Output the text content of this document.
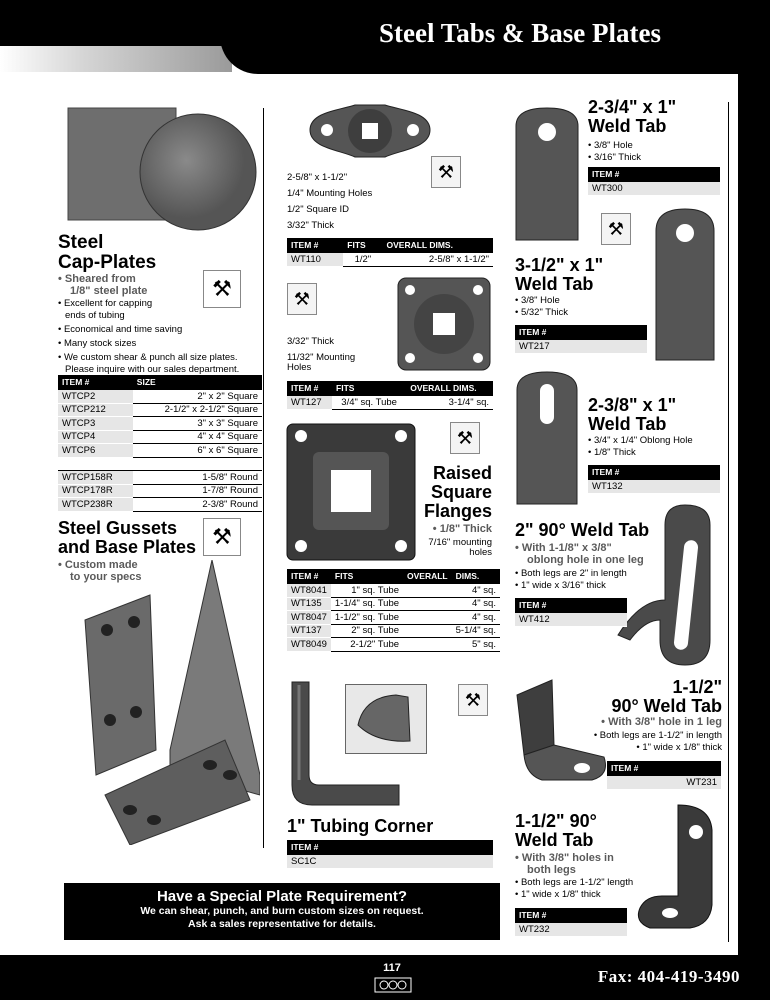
Steel Tabs & Base Plates
Steel
Cap-Plates
⚒
• Sheared from
1/8" steel plate
• Excellent for capping
ends of tubing
• Economical and time saving
• Many stock sizes
• We custom shear & punch all size plates.
Please inquire with our sales department.
ITEM #	SIZE
WTCP2	2" x 2" Square
WTCP212	2-1/2" x 2-1/2" Square
WTCP3	3" x 3" Square
WTCP4	4" x 4" Square
WTCP6	6" x 6" Square

WTCP158R	1-5/8" Round
WTCP178R	1-7/8" Round
WTCP238R	2-3/8" Round
Steel Gussets
and Base Plates ⚒
• Custom made
to your specs
⚒
2-5/8" x 1-1/2"
1/4" Mounting Holes
1/2" Square ID
3/32" Thick
ITEM #	FITS	OVERALL DIMS.
WT110	1/2"	2-5/8" x 1-1/2"
⚒
3/32" Thick
11/32" Mounting
Holes
ITEM #	FITS	OVERALL DIMS.
WT127	3/4" sq. Tube	3-1/4" sq.
⚒
Raised
Square
Flanges
• 1/8" Thick
7/16" mounting
holes
ITEM #	FITS	OVERALL	DIMS.
WT8041	1" sq. Tube		4" sq.
WT135	1-1/4" sq. Tube		4" sq.
WT8047	1-1/2" sq. Tube		4" sq.
WT137	2" sq. Tube		5-1/4" sq.
WT8049	2-1/2" Tube		5" sq.
⚒
1" Tubing Corner
ITEM #
SC1C
Have a Special Plate Requirement?
We can shear, punch, and burn custom sizes on request.
Ask a sales representative for details.
2-3/4" x 1"
Weld Tab
• 3/8" Hole
• 3/16" Thick
ITEM #
WT300
⚒
3-1/2" x 1"
Weld Tab
• 3/8" Hole
• 5/32" Thick
ITEM #
WT217
2-3/8" x 1"
Weld Tab
• 3/4" x 1/4" Oblong Hole
• 1/8" Thick
ITEM #
WT132
2" 90° Weld Tab
• With 1-1/8" x 3/8"
oblong hole in one leg
• Both legs are 2" in length
• 1" wide x 3/16" thick
ITEM #
WT412
1-1/2"
90° Weld Tab
• With 3/8" hole in 1 leg
• Both legs are 1-1/2" in length
• 1" wide x 1/8" thick
ITEM #
WT231
1-1/2" 90°
Weld Tab
• With 3/8" holes in
both legs
• Both legs are 1-1/2" length
• 1" wide x 1/8" thick
ITEM #
WT232
117	Fax: 404-419-3490
